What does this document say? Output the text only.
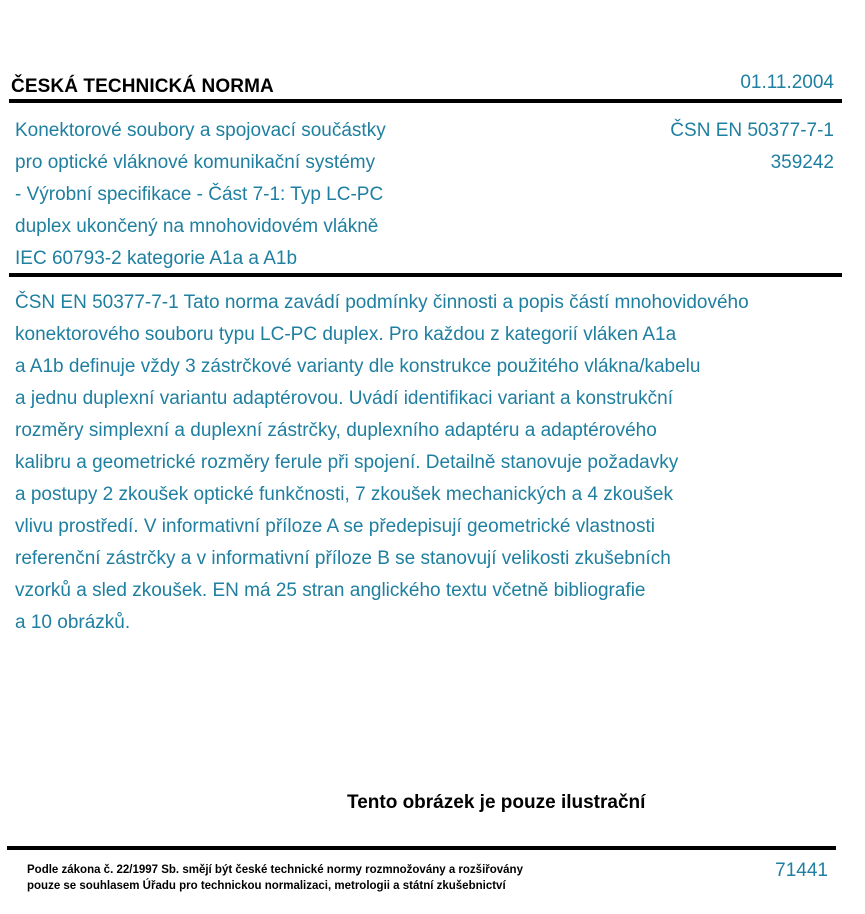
ČESKÁ TECHNICKÁ NORMA	01.11.2004
Konektorové soubory a spojovací součástky
pro optické vláknové komunikační systémy
- Výrobní specifikace - Část 7-1: Typ LC-PC
duplex ukončený na mnohovidovém vlákně
IEC 60793-2 kategorie A1a a A1b
ČSN EN 50377-7-1
359242
ČSN EN 50377-7-1 Tato norma zavádí podmínky činnosti a popis částí mnohovidového
konektorového souboru typu LC-PC duplex. Pro každou z kategorií vláken A1a
a A1b definuje vždy 3 zástrčkové varianty dle konstrukce použitého vlákna/kabelu
a jednu duplexní variantu adaptérovou. Uvádí identifikaci variant a konstrukční
rozměry simplexní a duplexní zástrčky, duplexního adaptéru a adaptérového
kalibru a geometrické rozměry ferule při spojení. Detailně stanovuje požadavky
a postupy 2 zkoušek optické funkčnosti, 7 zkoušek mechanických a 4 zkoušek
vlivu prostředí. V informativní příloze A se předepisují geometrické vlastnosti
referenční zástrčky a v informativní příloze B se stanovují velikosti zkušebních
vzorků a sled zkoušek. EN má 25 stran anglického textu včetně bibliografie
a 10 obrázků.
Tento obrázek je pouze ilustrační
Podle zákona č. 22/1997 Sb. smějí být české technické normy rozmnožovány a rozšiřovány
pouze se souhlasem Úřadu pro technickou normalizaci, metrologii a státní zkušebnictví
71441
